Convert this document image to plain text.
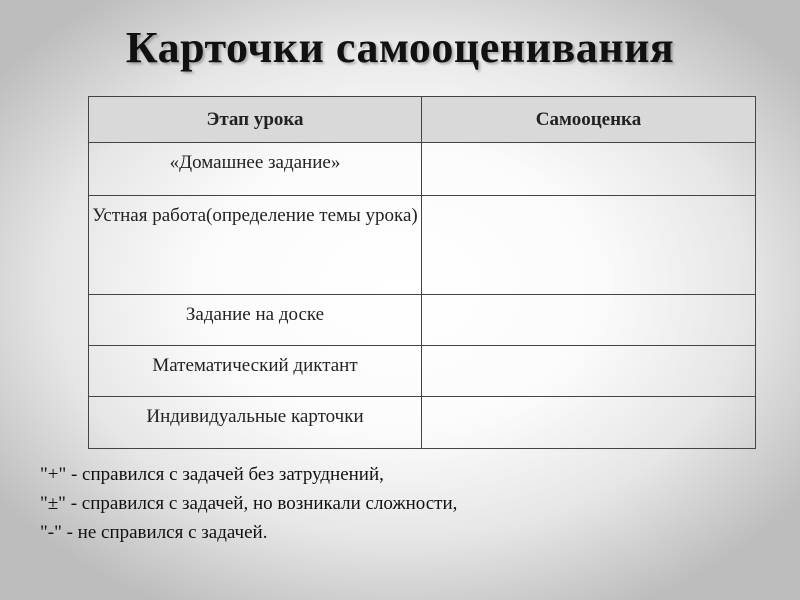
Карточки самооценивания
Этап урока	Самооценка
«Домашнее задание»	
Устная работа(определение темы урока)	
Задание на доске	
Математический диктант	
Индивидуальные карточки	
"+" - справился с задачей без затруднений,
"±" - справился с задачей, но возникали сложности,
"-" - не справился с задачей.
